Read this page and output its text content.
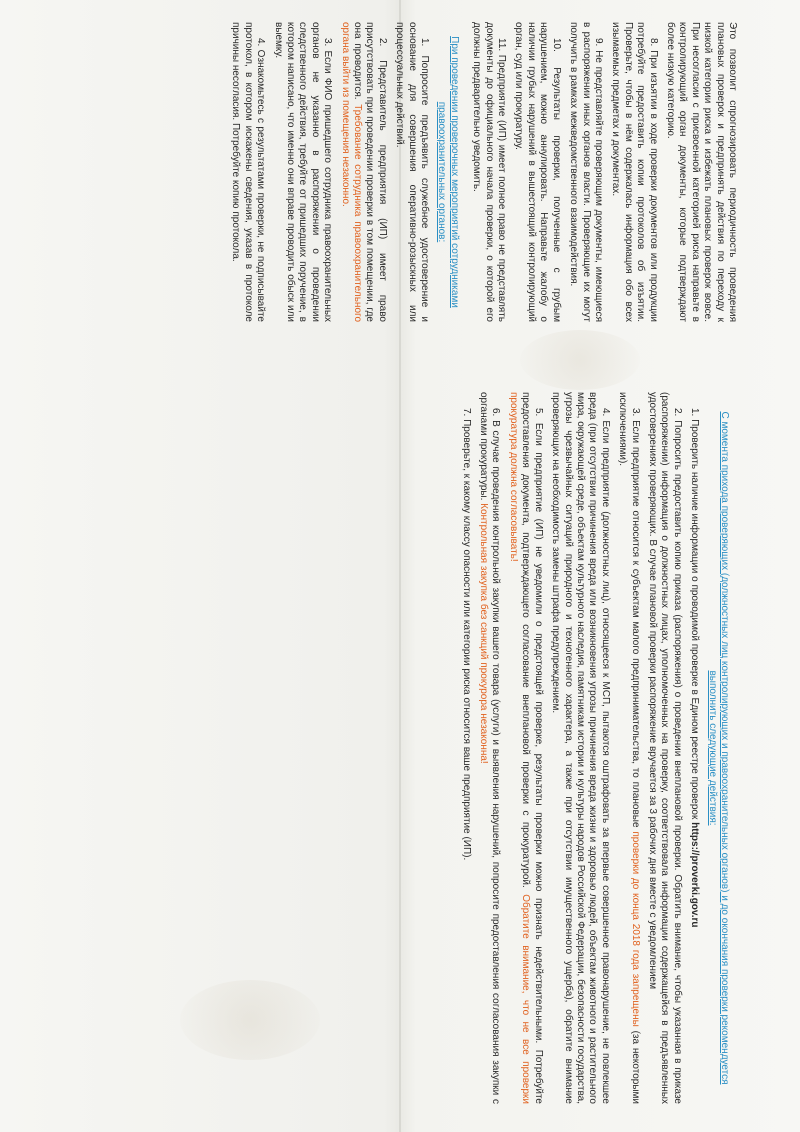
Это позволит спрогнозировать периодичность проведения плановых проверок и предпринять действия по переходу к низкой категории риска и избежать плановых проверок вовсе. При несогласии с присвоенной категорией риска направьте в контролирующий орган документы, которые подтверждают более низкую категорию.

8. При изъятии в ходе проверки документов или продукции потребуйте предоставить копии протоколов об изъятии. Проверьте, чтобы в нём содержалась информация обо всех изымаемых предметах и документах.

9. Не представляйте проверяющим документы, имеющиеся в распоряжении иных органов власти. Проверяющие их могут получить в рамках межведомственного взаимодействия.

10. Результаты проверки, полученные с грубым нарушением, можно аннулировать. Направьте жалобу о наличии грубых нарушений в вышестоящий контролирующий орган, суд или прокуратуру.

11. Предприятие (ИП) имеет полное право не представлять документы до официального начала проверки, о которой его должны предварительно уведомить.

При проведении проверочных мероприятий сотрудниками правоохранительных органов:

1. Попросите предъявить служебное удостоверение и основание для совершения оперативно-розыскных или процессуальных действий.

2. Представитель предприятия (ИП) имеет право присутствовать при проведении проверки в том помещении, где она проводится. Требование сотрудника правоохранительного органа выйти из помещения незаконно.

3. Если ФИО пришедшего сотрудника правоохранительных органов не указанно в распоряжении о проведении следственного действия, требуйте от пришедших поручение, в котором написано, что именно они вправе проводить обыск или выемку.

4. Ознакомьтесь с результатами проверки, не подписывайте протокол, в котором искажены сведения, указав в протоколе причины несогласия. Потребуйте копию протокола.

С момента прихода проверяющих (должностных лиц контролирующих и правоохранительных органов) и до окончания проверки рекомендуется выполнить следующие действия:

1. Проверить наличие информации о проводимой проверке в Едином реестре проверок https://proverki.gov.ru

2. Попросить предоставить копию приказа (распоряжения) о проведении внеплановой проверки. Обратить внимание, чтобы указанная в приказе (распоряжении) информация о должностных лицах, уполномоченных на проверку, соответствовала информации содержащейся в предъявленных удостоверениях проверяющих. В случае плановой проверки распоряжение вручается за 3 рабочих дня вместе с уведомлением

3. Если предприятие относится к субъектам малого предпринимательства, то плановые проверки до конца 2018 года запрещены (за некоторыми исключениями).

4. Если предприятие (должностных лиц), относящееся к МСП, пытаются оштрафовать за впервые совершенное правонарушение, не повлекшее вреда (при отсутствии причинения вреда или возникновения угрозы причинения вреда жизни и здоровью людей, объектам животного и растительного мира, окружающей среде, объектам культурного наследия, памятникам истории и культуры народов Российской Федерации, безопасности государства, угрозы чрезвычайных ситуаций природного и техногенного характера, а также при отсутствии имущественного ущерба), обратите внимание проверяющих на необходимость замены штрафа предупреждением.

5. Если предприятие (ИП) не уведомили о предстоящей проверке, результаты проверки можно признать недействительными. Потребуйте предоставления документа, подтверждающего согласование внеплановой проверки с прокуратурой. Обратите внимание, что не все проверки прокуратура должна согласовывать!

6. В случае проведения контрольной закупки вашего товара (услуги) и выявления нарушений, попросите предоставления согласования закупки с органами прокуратуры. Контрольная закупка без санкций прокурора незаконна!

7. Проверьте, к какому классу опасности или категории риска относится ваше предприятие (ИП).
